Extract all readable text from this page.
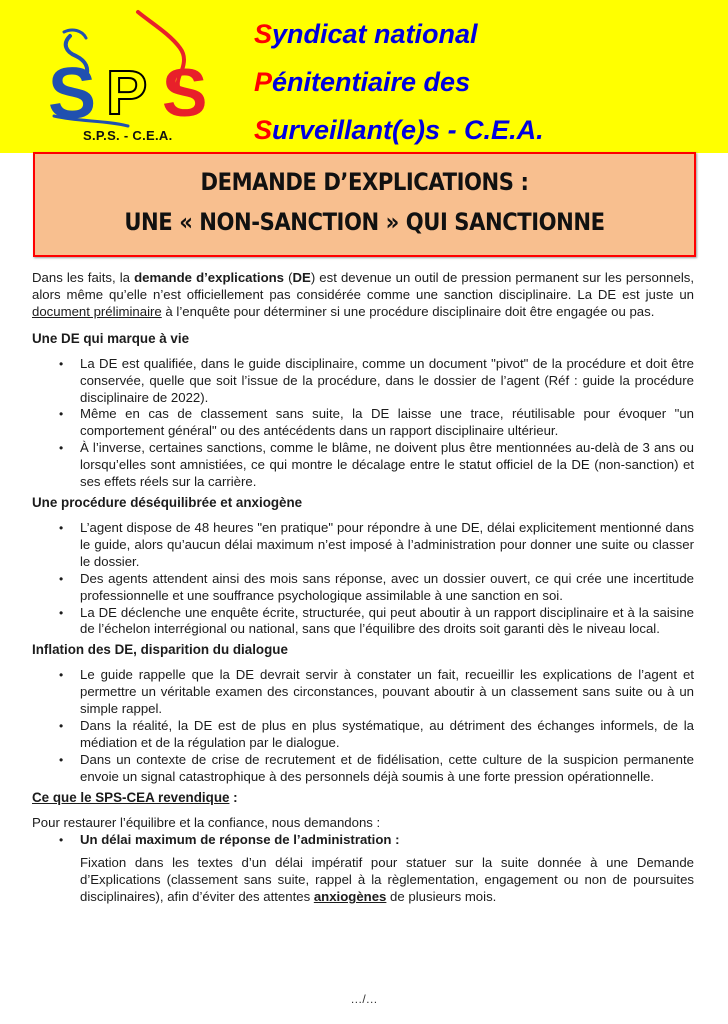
S P S
S.P.S. - C.E.A.
Syndicat national
Pénitentiaire des
Surveillant(e)s - C.E.A.
DEMANDE D’EXPLICATIONS :
UNE « NON-SANCTION » QUI SANCTIONNE

Dans les faits, la demande d’explications (DE) est devenue un outil de pression permanent sur les personnels, alors même qu’elle n’est officiellement pas considérée comme une sanction disciplinaire. La DE est juste un document préliminaire à l’enquête pour déterminer si une procédure disciplinaire doit être engagée ou pas.

Une DE qui marque à vie
• La DE est qualifiée, dans le guide disciplinaire, comme un document "pivot" de la procédure et doit être conservée, quelle que soit l’issue de la procédure, dans le dossier de l’agent (Réf : guide la procédure disciplinaire de 2022).
• Même en cas de classement sans suite, la DE laisse une trace, réutilisable pour évoquer "un comportement général" ou des antécédents dans un rapport disciplinaire ultérieur.
• À l’inverse, certaines sanctions, comme le blâme, ne doivent plus être mentionnées au-delà de 3 ans ou lorsqu’elles sont amnistiées, ce qui montre le décalage entre le statut officiel de la DE (non-sanction) et ses effets réels sur la carrière.
Une procédure déséquilibrée et anxiogène
• L’agent dispose de 48 heures "en pratique" pour répondre à une DE, délai explicitement mentionné dans le guide, alors qu’aucun délai maximum n’est imposé à l’administration pour donner une suite ou classer le dossier.
• Des agents attendent ainsi des mois sans réponse, avec un dossier ouvert, ce qui crée une incertitude professionnelle et une souffrance psychologique assimilable à une sanction en soi.
• La DE déclenche une enquête écrite, structurée, qui peut aboutir à un rapport disciplinaire et à la saisine de l’échelon interrégional ou national, sans que l’équilibre des droits soit garanti dès le niveau local.
Inflation des DE, disparition du dialogue
• Le guide rappelle que la DE devrait servir à constater un fait, recueillir les explications de l’agent et permettre un véritable examen des circonstances, pouvant aboutir à un classement sans suite ou à un simple rappel.
• Dans la réalité, la DE est de plus en plus systématique, au détriment des échanges informels, de la médiation et de la régulation par le dialogue.
• Dans un contexte de crise de recrutement et de fidélisation, cette culture de la suspicion permanente envoie un signal catastrophique à des personnels déjà soumis à une forte pression opérationnelle.
Ce que le SPS-CEA revendique :

Pour restaurer l’équilibre et la confiance, nous demandons :

• Un délai maximum de réponse de l’administration :

Fixation dans les textes d’un délai impératif pour statuer sur la suite donnée à une Demande d’Explications (classement sans suite, rappel à la règlementation, engagement ou non de poursuites disciplinaires), afin d’éviter des attentes anxiogènes de plusieurs mois.

…/…
